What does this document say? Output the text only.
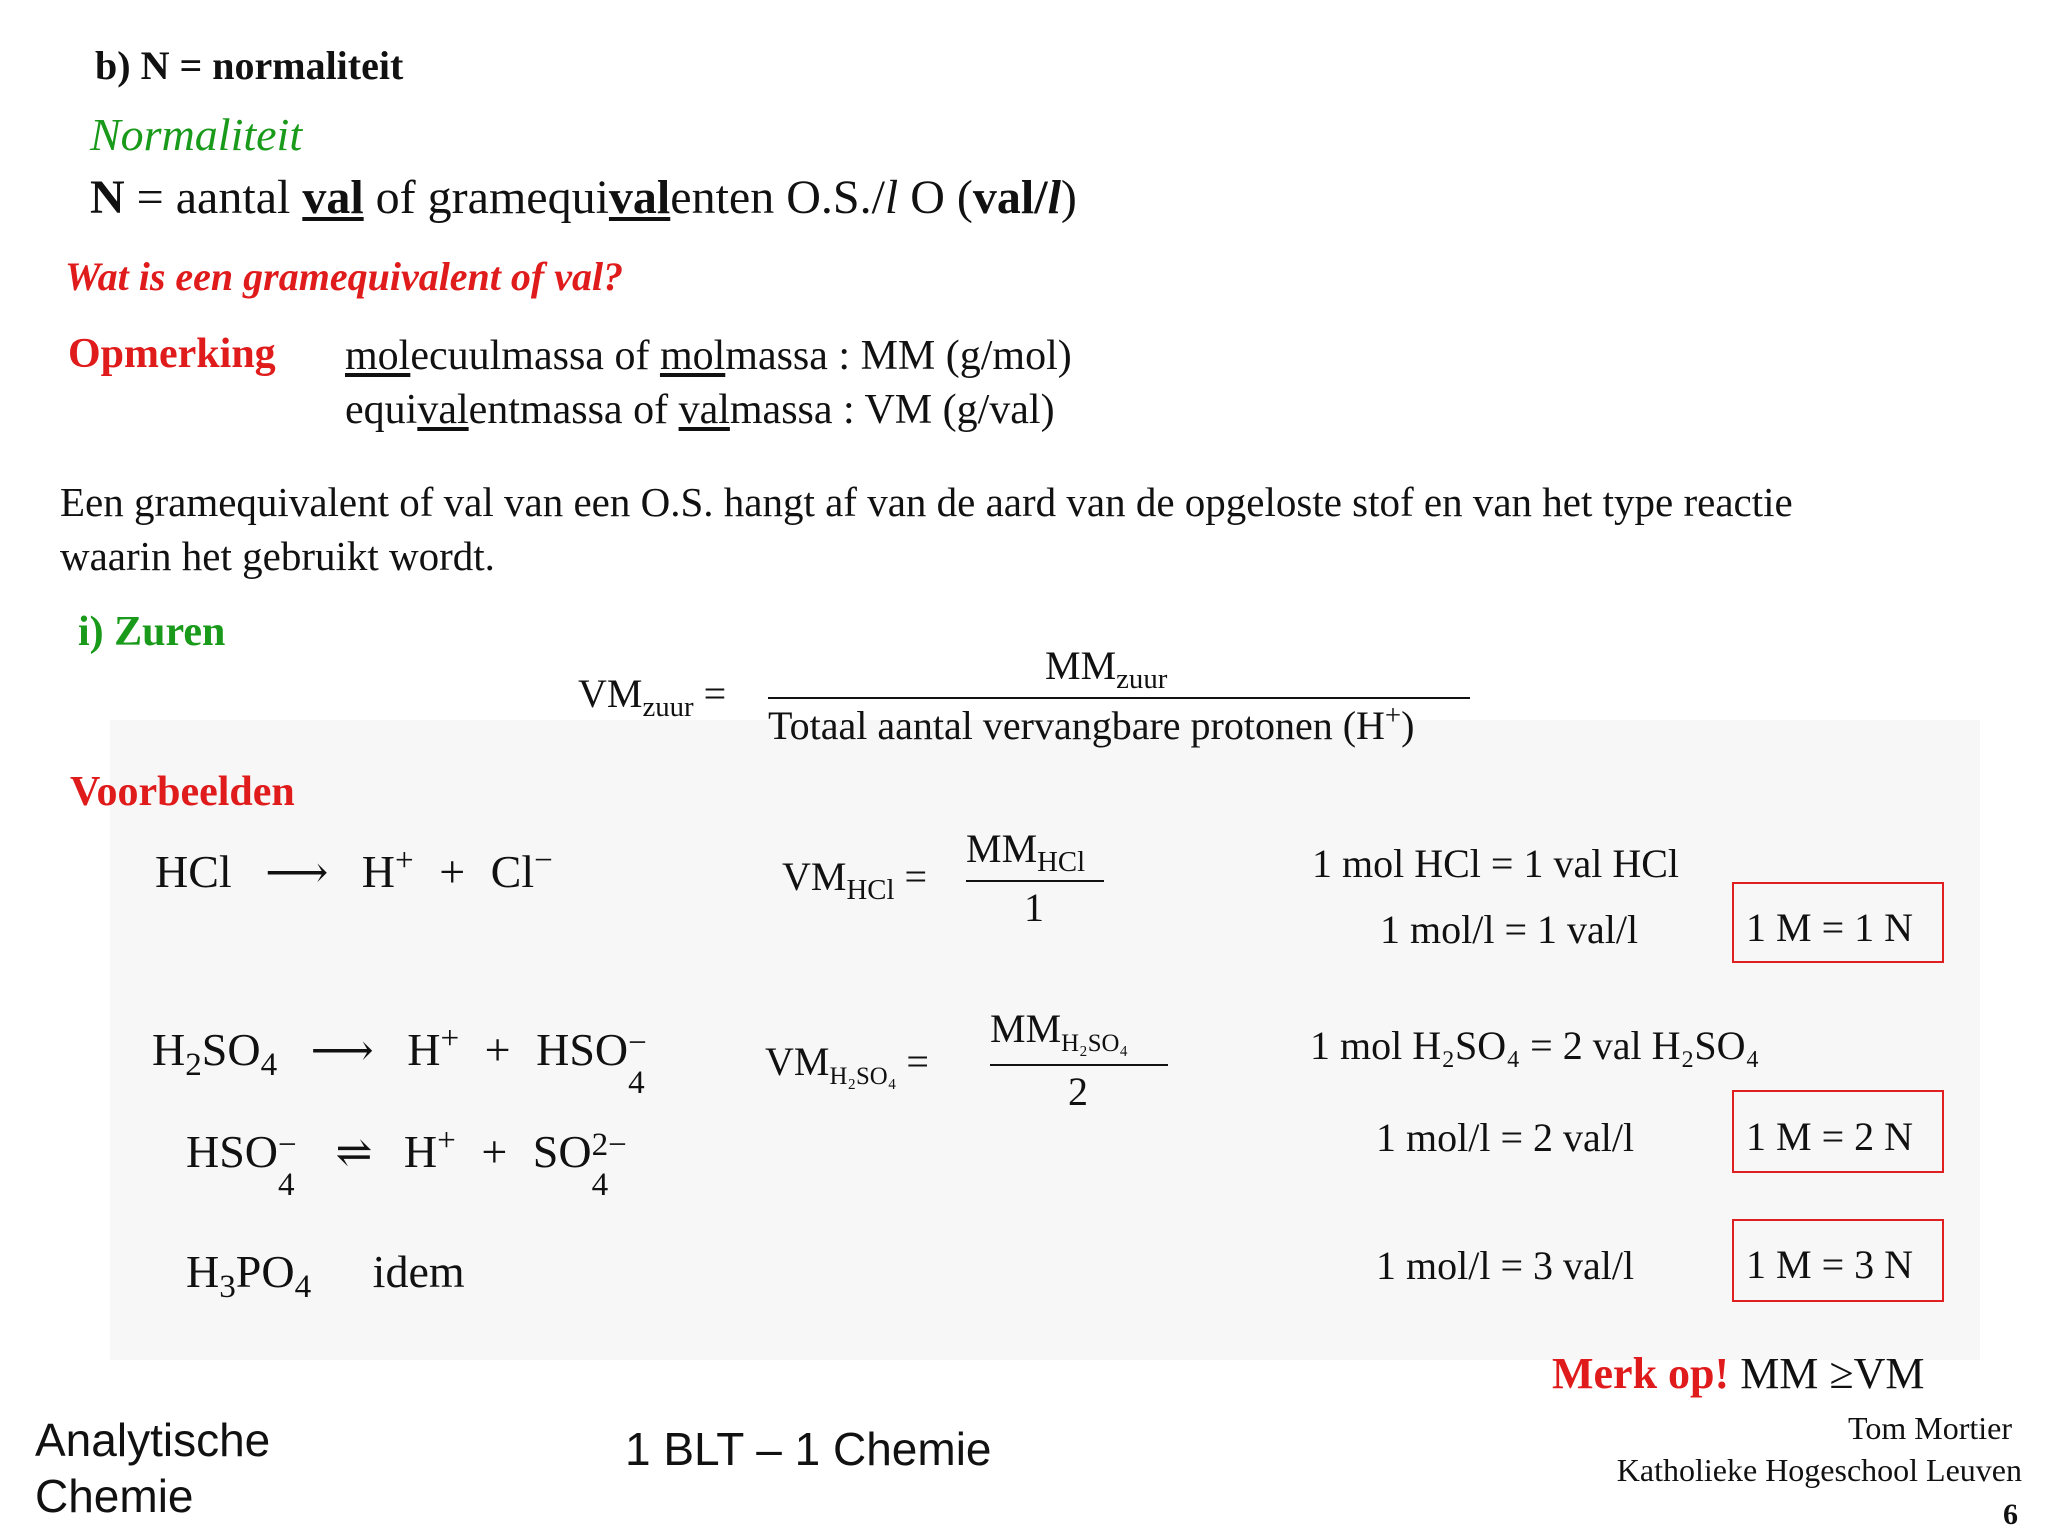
b) N = normaliteit
Normaliteit
N = aantal val of gramequivalenten O.S./l O (val/l)
Wat is een gramequivalent of val?
Opmerking molecuulmassa of molmassa : MM (g/mol)
equivalentmassa of valmassa : VM (g/val)
Een gramequivalent of val van een O.S. hangt af van de aard van de opgeloste stof en van het type reactie
waarin het gebruikt wordt.
i) Zuren
$VM_{zuur}$ =
$MM_{zuur}$
Totaal aantal vervangbare protonen (H+)
Voorbeelden
HCl ⟶ H+ + Cl−	$VM_{HCl}$ =
$MM_{HCl}$
1
1 mol HCl = 1 val HCl
1 mol/l = 1 val/l	1 M = 1 N
$H_2SO_4$ ⟶ H+ + HSO −	$VM_{H_2SO_4}$ =
$MM_{H_2SO_4}$
2
1 mol H₂SO₄ = 2 val H₂SO₄
1 mol/l = 2 val/l	1 M = 2 N
HSO − ⇌ H+ + SO 2−
$H_3PO_4$ idem	1 mol/l = 3 val/l	1 M = 3 N
Merk op! MM ≥VM
Analytische
Chemie
1 BLT – 1 Chemie	Tom Mortier
Katholieke Hogeschool Leuven
6
